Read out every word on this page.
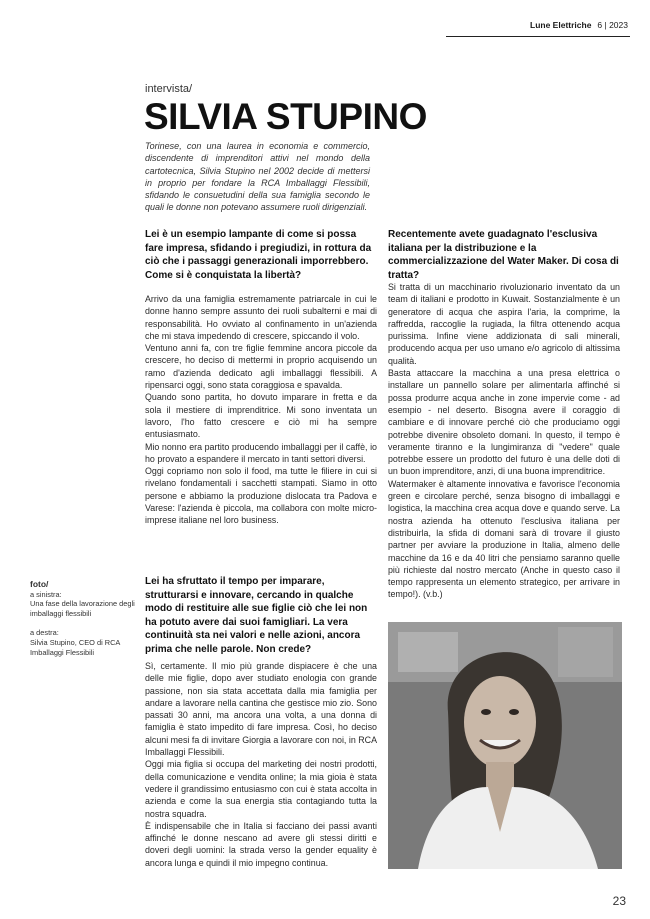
Lune Elettriche 6 | 2023
intervista/
SILVIA STUPINO
Torinese, con una laurea in economia e commercio, discendente di imprenditori attivi nel mondo della cartotecnica, Silvia Stupino nel 2002 decide di mettersi in proprio per fondare la RCA Imballaggi Flessibili, sfidando le consuetudini della sua famiglia secondo le quali le donne non potevano assumere ruoli dirigenziali.
Lei è un esempio lampante di come si possa fare impresa, sfidando i pregiudizi, in rottura da ciò che i passaggi generazionali imporrebbero. Come si è conquistata la libertà?

Arrivo da una famiglia estremamente patriarcale in cui le donne hanno sempre assunto dei ruoli subalterni e mai di responsabilità. Ho ovviato al confinamento in un'azienda che mi stava impedendo di crescere, spiccando il volo.

Ventuno anni fa, con tre figlie femmine ancora piccole da crescere, ho deciso di mettermi in proprio acquisendo un ramo d'azienda dedicato agli imballaggi flessibili. A ripensarci oggi, sono stata coraggiosa e spavalda.

Quando sono partita, ho dovuto imparare in fretta e da sola il mestiere di imprenditrice. Mi sono inventata un lavoro, l'ho fatto crescere e ciò mi ha sempre entusiasmato.

Mio nonno era partito producendo imballaggi per il caffè, io ho provato a espandere il mercato in tanti settori diversi.

Oggi copriamo non solo il food, ma tutte le filiere in cui si rivelano fondamentali i sacchetti stampati. Siamo in otto persone e abbiamo la produzione dislocata tra Padova e Varese: l'azienda è piccola, ma collabora con molte micro-imprese italiane nel loro business.

Lei ha sfruttato il tempo per imparare, strutturarsi e innovare, cercando in qualche modo di restituire alle sue figlie ciò che lei non ha potuto avere dai suoi famigliari. La vera continuità sta nei valori e nelle azioni, ancora prima che nelle parole. Non crede?

Sì, certamente. Il mio più grande dispiacere è che una delle mie figlie, dopo aver studiato enologia con grande passione, non sia stata accettata dalla mia famiglia per andare a lavorare nella cantina che gestisce mio zio. Sono passati 30 anni, ma ancora una volta, a una donna di famiglia è stato impedito di fare impresa. Così, ho deciso alcuni mesi fa di invitare Giorgia a lavorare con noi, in RCA Imballaggi Flessibili.

Oggi mia figlia si occupa del marketing dei nostri prodotti, della comunicazione e vendita online; la mia gioia è stata vedere il grandissimo entusiasmo con cui è stata accolta in azienda e come la sua energia stia contagiando tutta la nostra squadra.

È indispensabile che in Italia si facciano dei passi avanti affinché le donne nescano ad avere gli stessi diritti e doveri degli uomini: la strada verso la gender equality è ancora lunga e quindi il mio impegno continua.

Recentemente avete guadagnato l'esclusiva italiana per la distribuzione e la commercializzazione del Water Maker. Di cosa di tratta?

Si tratta di un macchinario rivoluzionario inventato da un team di italiani e prodotto in Kuwait. Sostanzialmente è un generatore di acqua che aspira l'aria, la comprime, la raffredda, raccoglie la rugiada, la filtra ottenendo acqua purissima. Infine viene addizionata di sali minerali, producendo acqua per uso umano e/o agricolo di altissima qualità.

Basta attaccare la macchina a una presa elettrica o installare un pannello solare per alimentarla affinché si possa produrre acqua anche in zone impervie come - ad esempio - nel deserto. Bisogna avere il coraggio di cambiare e di innovare perché ciò che produciamo oggi potrebbe divenire obsoleto domani. In questo, il tempo è veramente tiranno e la lungimiranza di "vedere" quale potrebbe essere un prodotto del futuro è una delle doti di un buon imprenditore, anzi, di una buona imprenditrice.

Watermaker è altamente innovativa e favorisce l'economia green e circolare perché, senza bisogno di imballaggi e logistica, la macchina crea acqua dove e quando serve. La nostra azienda ha ottenuto l'esclusiva italiana per distribuirla, la sfida di domani sarà di trovare il giusto partner per avviare la produzione in Italia, almeno delle macchine da 16 e da 40 litri che pensiamo saranno quelle più richieste dal nostro mercato (Anche in questo caso il tempo rappresenta un elemento strategico, per arrivare in tempo!). (v.b.)

foto/
a sinistra:
Una fase della lavorazione degli imballaggi flessibili
a destra:
Silvia Stupino, CEO di RCA Imballaggi Flessibili
23
